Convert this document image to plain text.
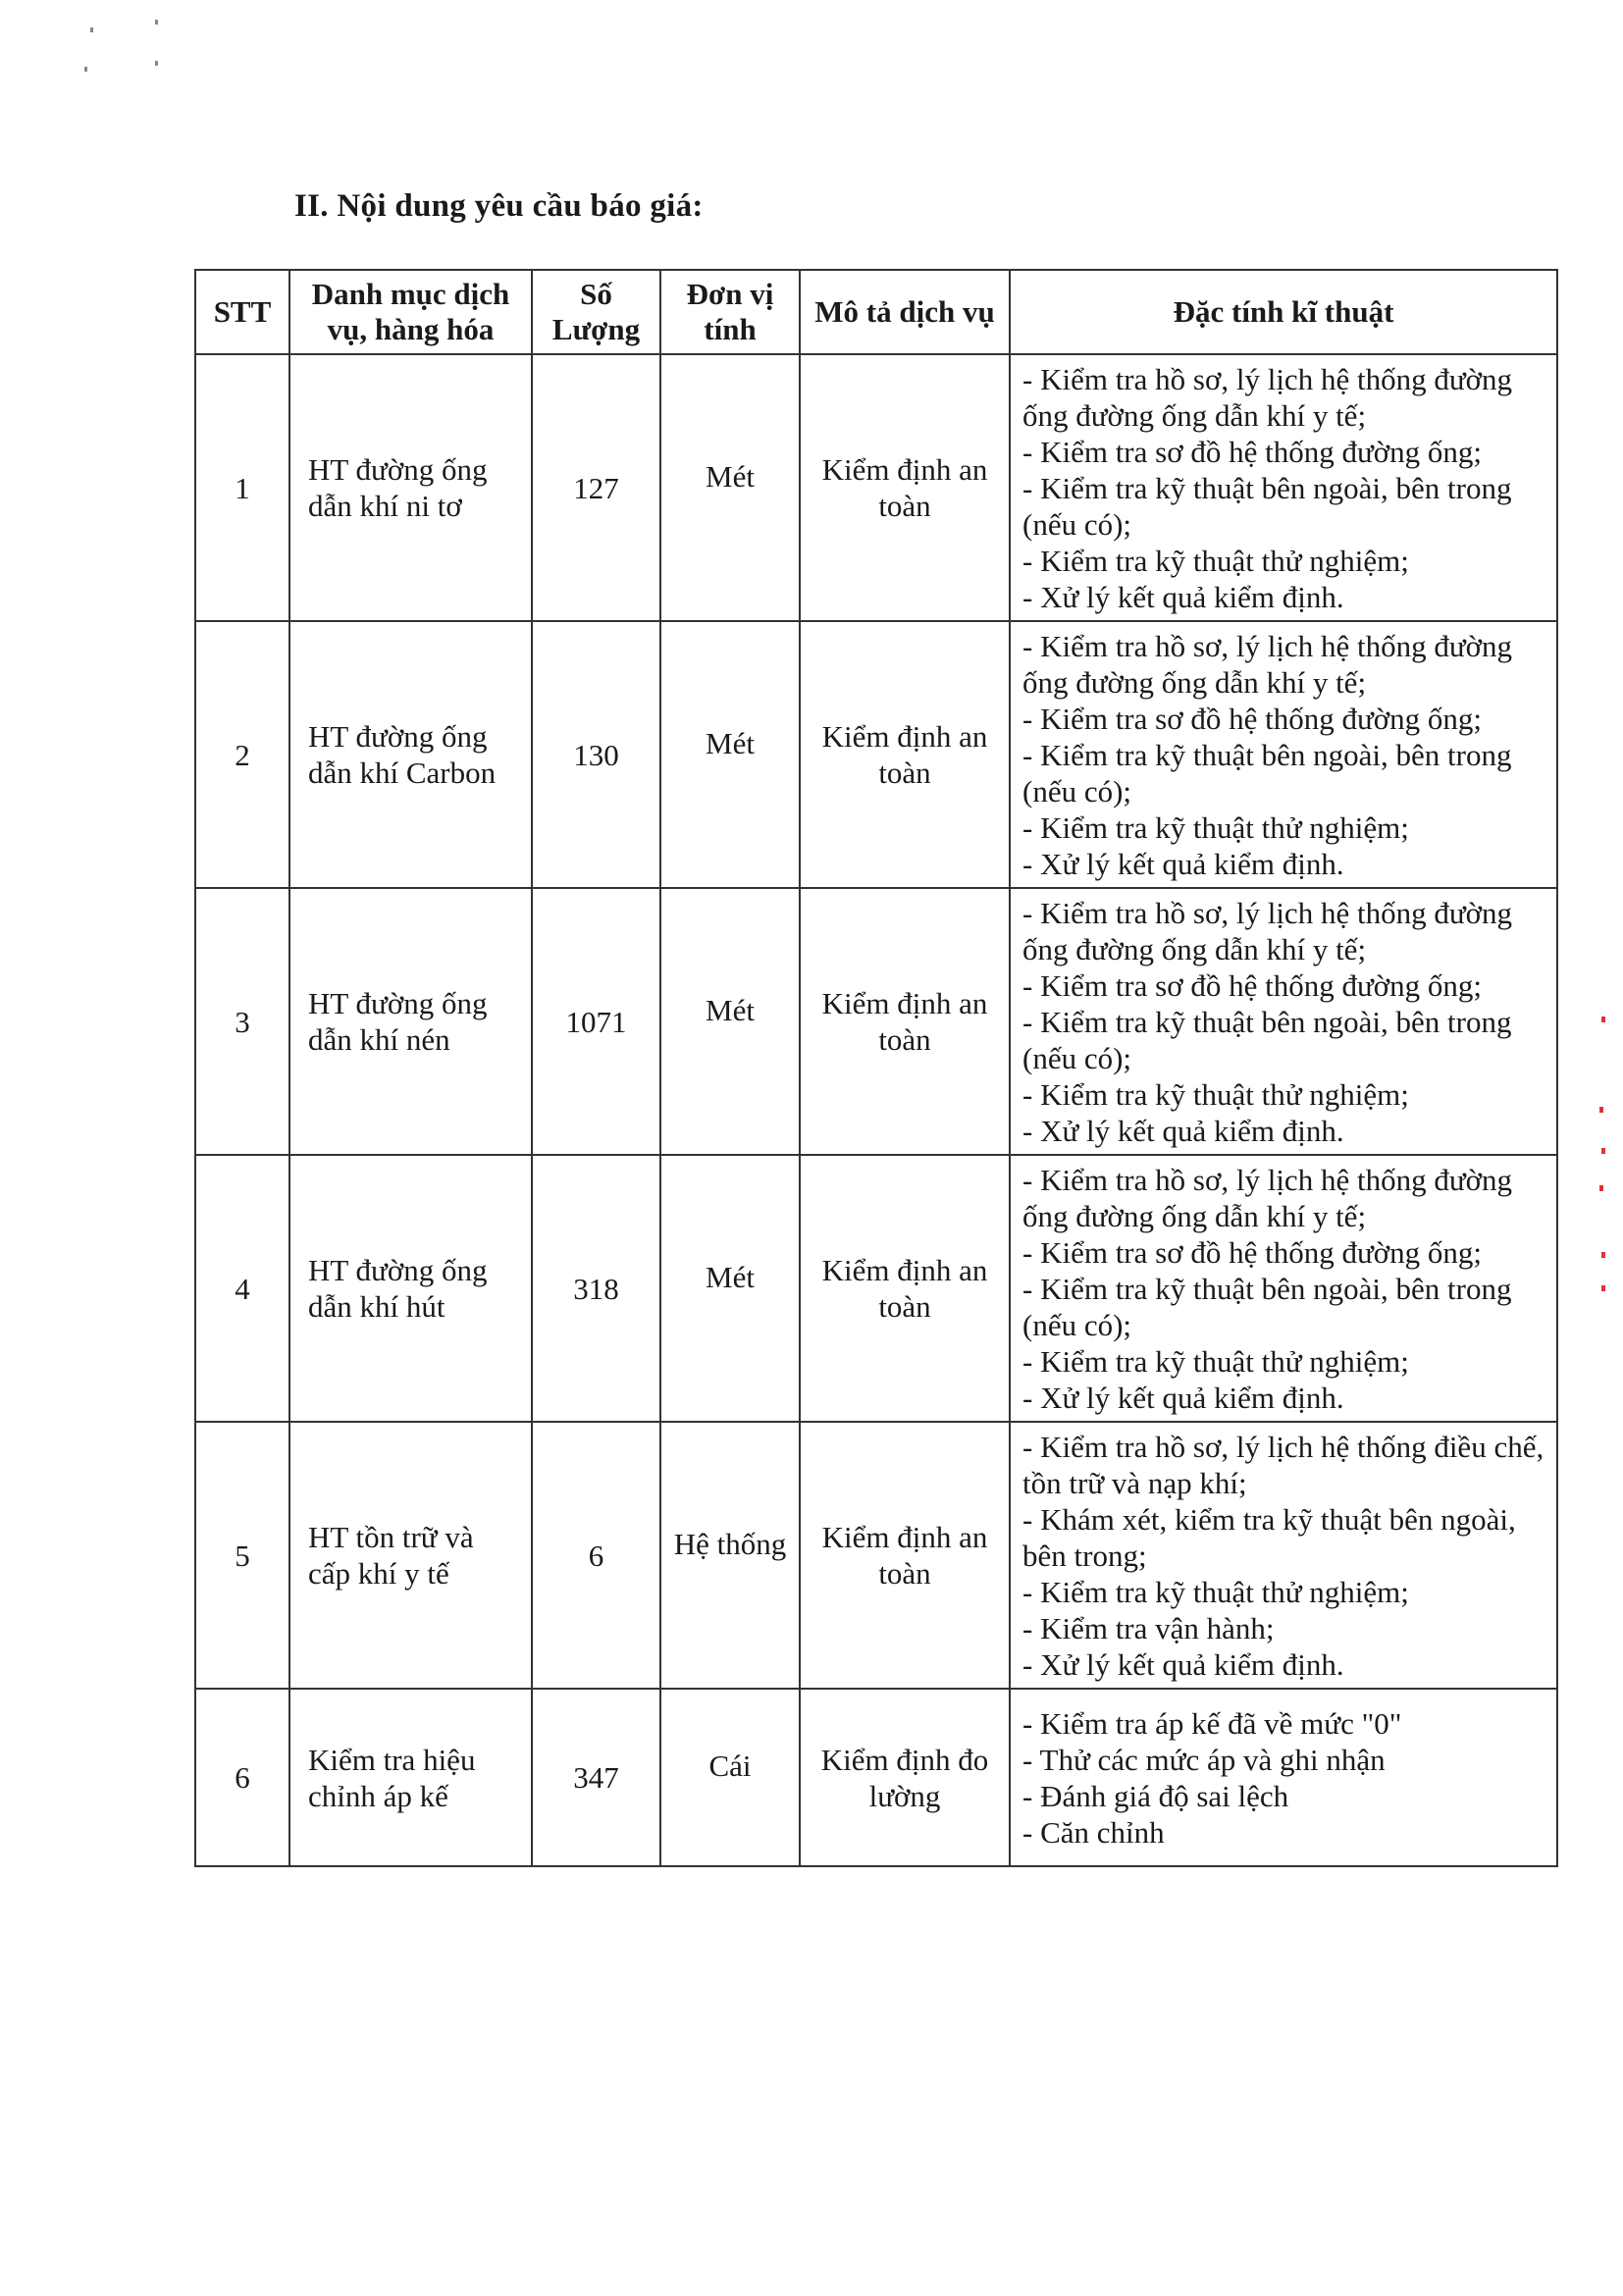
II. Nội dung yêu cầu báo giá:
STT	Danh mục dịch vụ, hàng hóa	Số Lượng	Đơn vị tính	Mô tả dịch vụ	Đặc tính kĩ thuật
1	HT đường ống dẫn khí ni tơ	127	Mét	Kiểm định an toàn	- Kiểm tra hồ sơ, lý lịch hệ thống đường ống đường ống dẫn khí y tế;
- Kiểm tra sơ đồ hệ thống đường ống;
- Kiểm tra kỹ thuật bên ngoài, bên trong (nếu có);
- Kiểm tra kỹ thuật thử nghiệm;
- Xử lý kết quả kiểm định.

2	HT đường ống dẫn khí Carbon	130	Mét	Kiểm định an toàn	- Kiểm tra hồ sơ, lý lịch hệ thống đường ống đường ống dẫn khí y tế;
- Kiểm tra sơ đồ hệ thống đường ống;
- Kiểm tra kỹ thuật bên ngoài, bên trong (nếu có);
- Kiểm tra kỹ thuật thử nghiệm;
- Xử lý kết quả kiểm định.

3	HT đường ống dẫn khí nén	1071	Mét	Kiểm định an toàn	- Kiểm tra hồ sơ, lý lịch hệ thống đường ống đường ống dẫn khí y tế;
- Kiểm tra sơ đồ hệ thống đường ống;
- Kiểm tra kỹ thuật bên ngoài, bên trong (nếu có);
- Kiểm tra kỹ thuật thử nghiệm;
- Xử lý kết quả kiểm định.

4	HT đường ống dẫn khí hút	318	Mét	Kiểm định an toàn	- Kiểm tra hồ sơ, lý lịch hệ thống đường ống đường ống dẫn khí y tế;
- Kiểm tra sơ đồ hệ thống đường ống;
- Kiểm tra kỹ thuật bên ngoài, bên trong (nếu có);
- Kiểm tra kỹ thuật thử nghiệm;
- Xử lý kết quả kiểm định.

5	HT tồn trữ và cấp khí y tế	6	Hệ thống	Kiểm định an toàn	- Kiểm tra hồ sơ, lý lịch hệ thống điều chế, tồn trữ và nạp khí;
- Khám xét, kiểm tra kỹ thuật bên ngoài, bên trong;
- Kiểm tra kỹ thuật thử nghiệm;
- Kiểm tra vận hành;
- Xử lý kết quả kiểm định.

6	Kiểm tra hiệu chỉnh áp kế	347	Cái	Kiểm định đo lường	- Kiểm tra áp kế đã về mức "0"
- Thử các mức áp và ghi nhận
- Đánh giá độ sai lệch
- Căn chỉnh
